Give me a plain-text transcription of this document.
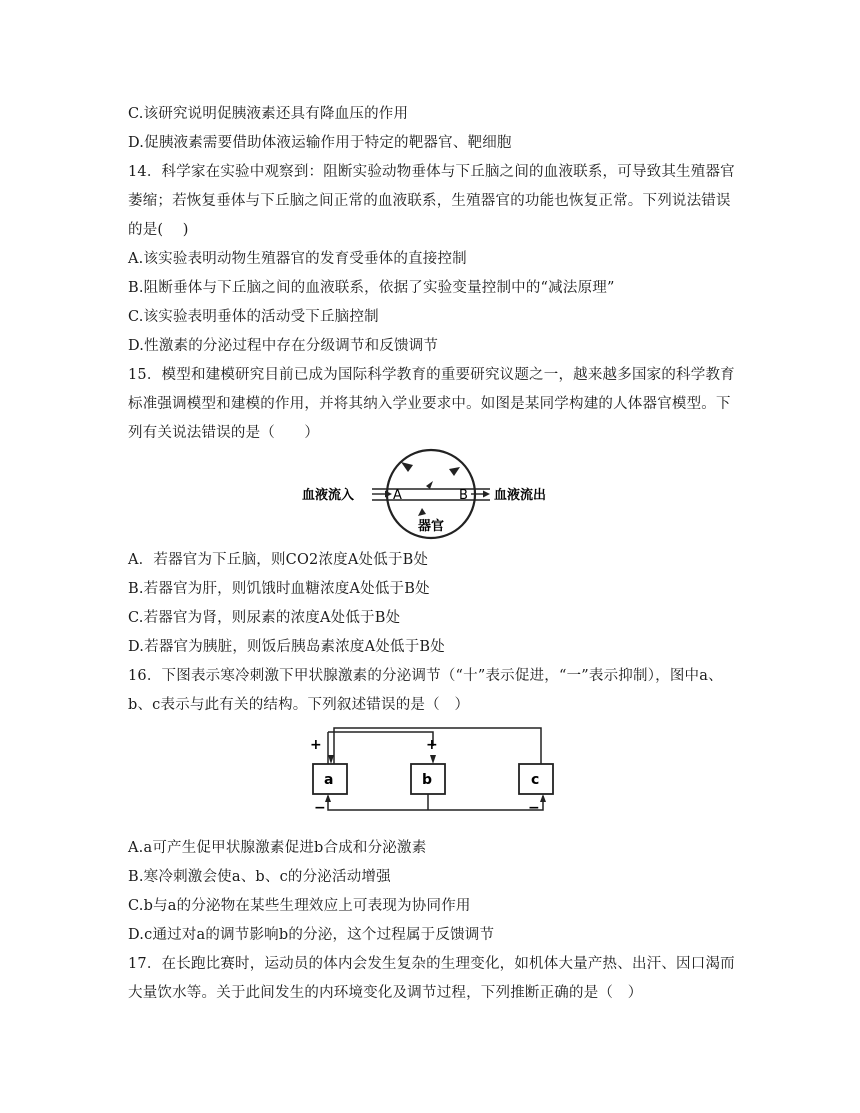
C.该研究说明促胰液素还具有降血压的作用
D.促胰液素需要借助体液运输作用于特定的靶器官、靶细胞
14．科学家在实验中观察到：阻断实验动物垂体与下丘脑之间的血液联系，可导致其生殖器官
萎缩；若恢复垂体与下丘脑之间正常的血液联系，生殖器官的功能也恢复正常。下列说法错误
的是(　 )
A.该实验表明动物生殖器官的发育受垂体的直接控制
B.阻断垂体与下丘脑之间的血液联系，依据了实验变量控制中的“减法原理”
C.该实验表明垂体的活动受下丘脑控制
D.性激素的分泌过程中存在分级调节和反馈调节
15．模型和建模研究目前已成为国际科学教育的重要研究议题之一，越来越多国家的科学教育
标准强调模型和建模的作用，并将其纳入学业要求中。如图是某同学构建的人体器官模型。下
列有关说法错误的是（　　）
血液流入	血液流出
A	B
器官
A．若器官为下丘脑，则CO2浓度A处低于B处
B.若器官为肝，则饥饿时血糖浓度A处低于B处
C.若器官为肾，则尿素的浓度A处低于B处
D.若器官为胰脏，则饭后胰岛素浓度A处低于B处
16．下图表示寒冷刺激下甲状腺激素的分泌调节（“十”表示促进，“一”表示抑制），图中a、
b、c表示与此有关的结构。下列叙述错误的是（　）
a	b	c
+	+
−	−
A.a可产生促甲状腺激素促进b合成和分泌激素
B.寒冷刺激会使a、b、c的分泌活动增强
C.b与a的分泌物在某些生理效应上可表现为协同作用
D.c通过对a的调节影响b的分泌，这个过程属于反馈调节
17．在长跑比赛时，运动员的体内会发生复杂的生理变化，如机体大量产热、出汗、因口渴而
大量饮水等。关于此间发生的内环境变化及调节过程，下列推断正确的是（　）
